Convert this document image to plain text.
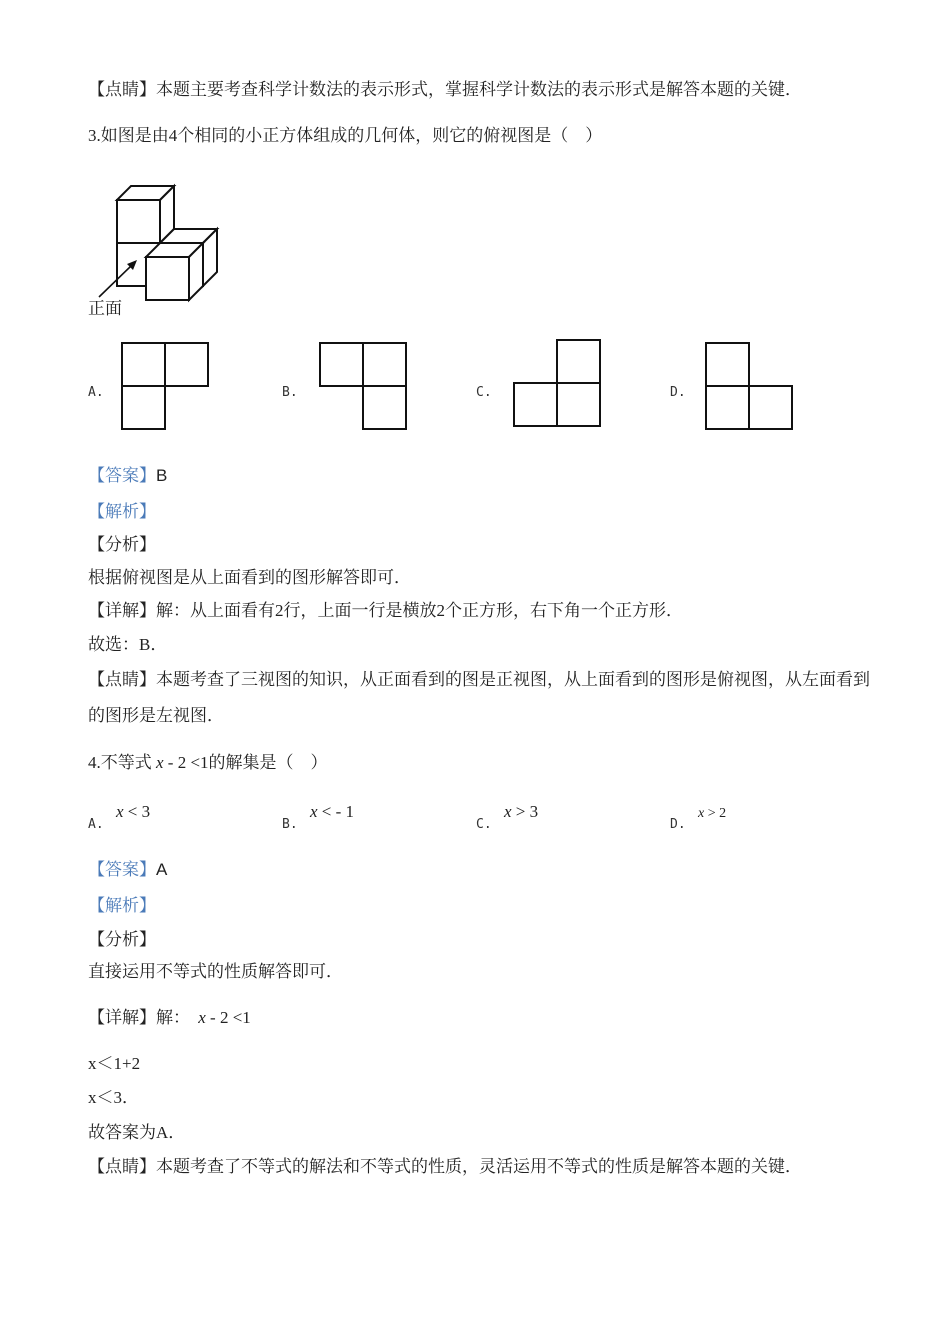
【点睛】本题主要考查科学计数法的表示形式，掌握科学计数法的表示形式是解答本题的关键．
3.如图是由4个相同的小正方体组成的几何体，则它的俯视图是（　）
正面
A.	B.	C.	D.
【答案】B
【解析】
【分析】
根据俯视图是从上面看到的图形解答即可．
【详解】解：从上面看有2行，上面一行是横放2个正方形，右下角一个正方形．
故选：B．
【点睛】本题考查了三视图的知识，从正面看到的图是正视图，从上面看到的图形是俯视图，从左面看到
的图形是左视图．
4.不等式 x - 2 <1的解集是（　）
A.
x < 3
B.
x < - 1
C.
x > 3
D.
x > 2
【答案】A
【解析】
【分析】
直接运用不等式的性质解答即可．
【详解】解： x - 2 <1
x＜1+2
x＜3．
故答案为A．
【点睛】本题考查了不等式的解法和不等式的性质，灵活运用不等式的性质是解答本题的关键．
